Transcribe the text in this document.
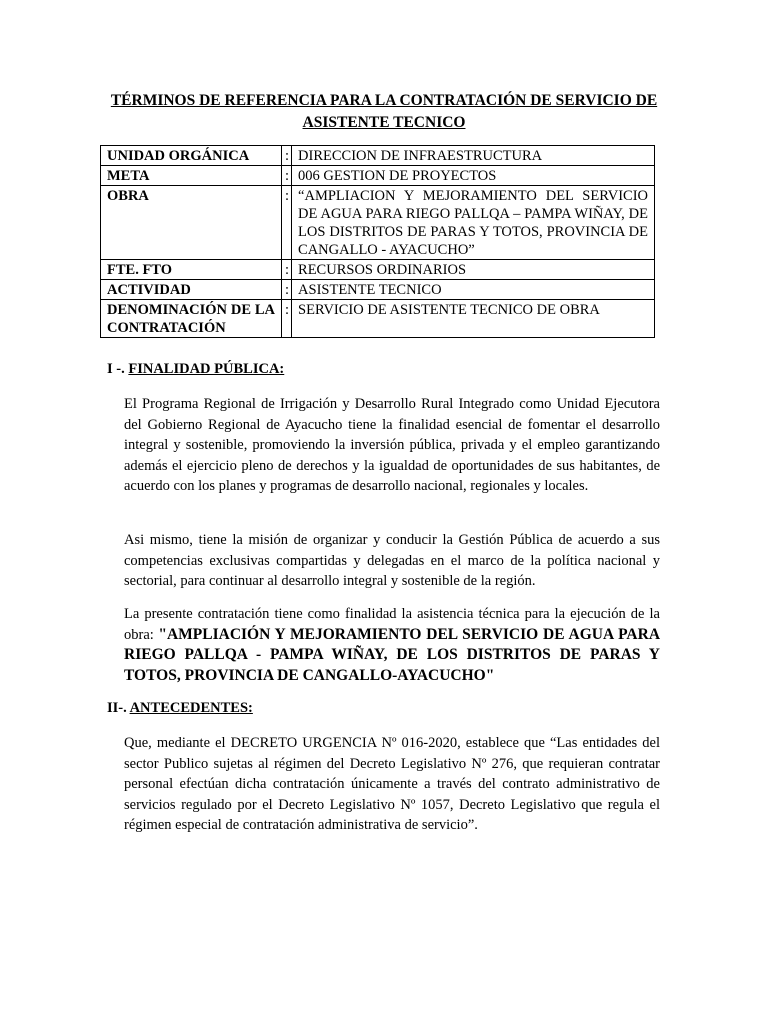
TÉRMINOS DE REFERENCIA PARA LA CONTRATACIÓN DE SERVICIO DE
ASISTENTE TECNICO
UNIDAD ORGÁNICA	:	DIRECCION DE INFRAESTRUCTURA
META	:	006 GESTION DE PROYECTOS
OBRA	:	“AMPLIACION Y MEJORAMIENTO DEL SERVICIO DE AGUA PARA RIEGO PALLQA – PAMPA WIÑAY, DE LOS DISTRITOS DE PARAS Y TOTOS, PROVINCIA DE CANGALLO - AYACUCHO”
FTE. FTO	:	RECURSOS ORDINARIOS
ACTIVIDAD	:	ASISTENTE TECNICO
DENOMINACIÓN DE LA CONTRATACIÓN	:	SERVICIO DE ASISTENTE TECNICO DE OBRA
I -. FINALIDAD PÚBLICA:
El Programa Regional de Irrigación y Desarrollo Rural Integrado como Unidad Ejecutora del Gobierno Regional de Ayacucho tiene la finalidad esencial de fomentar el desarrollo integral y sostenible, promoviendo la inversión pública, privada y el empleo garantizando además el ejercicio pleno de derechos y la igualdad de oportunidades de sus habitantes, de acuerdo con los planes y programas de desarrollo nacional, regionales y locales.
Asi mismo, tiene la misión de organizar y conducir la Gestión Pública de acuerdo a sus competencias exclusivas compartidas y delegadas en el marco de la política nacional y sectorial, para continuar al desarrollo integral y sostenible de la región.
La presente contratación tiene como finalidad la asistencia técnica para la ejecución de la obra: "AMPLIACIÓN Y MEJORAMIENTO DEL SERVICIO DE AGUA PARA RIEGO PALLQA - PAMPA WIÑAY, DE LOS DISTRITOS DE PARAS Y TOTOS, PROVINCIA DE CANGALLO-AYACUCHO"
II-. ANTECEDENTES:
Que, mediante el DECRETO URGENCIA Nº 016-2020, establece que “Las entidades del sector Publico sujetas al régimen del Decreto Legislativo Nº 276, que requieran contratar personal efectúan dicha contratación únicamente a través del contrato administrativo de servicios regulado por el Decreto Legislativo Nº 1057, Decreto Legislativo que regula el régimen especial de contratación administrativa de servicio”.
